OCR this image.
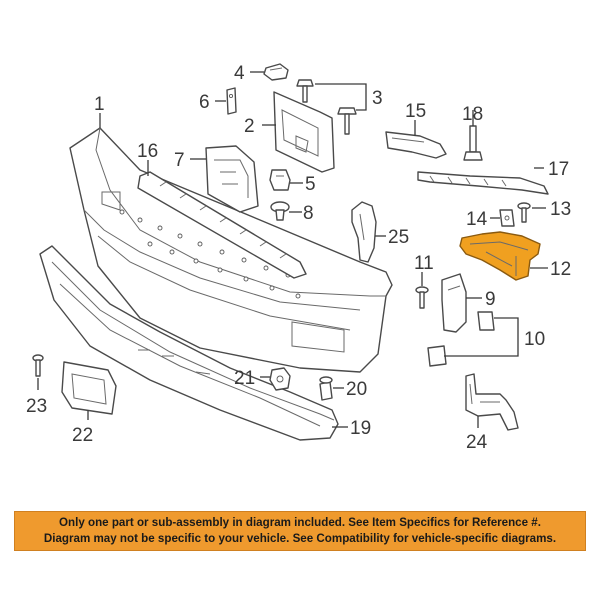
1
16
4
6
2
3
7
5
8
15 18
17
25
14	13
12
11
9
10
24
19
21
20
23
22
Only one part or sub-assembly in diagram included. See Item Specifics for Reference #.
Diagram may not be specific to your vehicle. See Compatibility for vehicle-specific diagrams.
